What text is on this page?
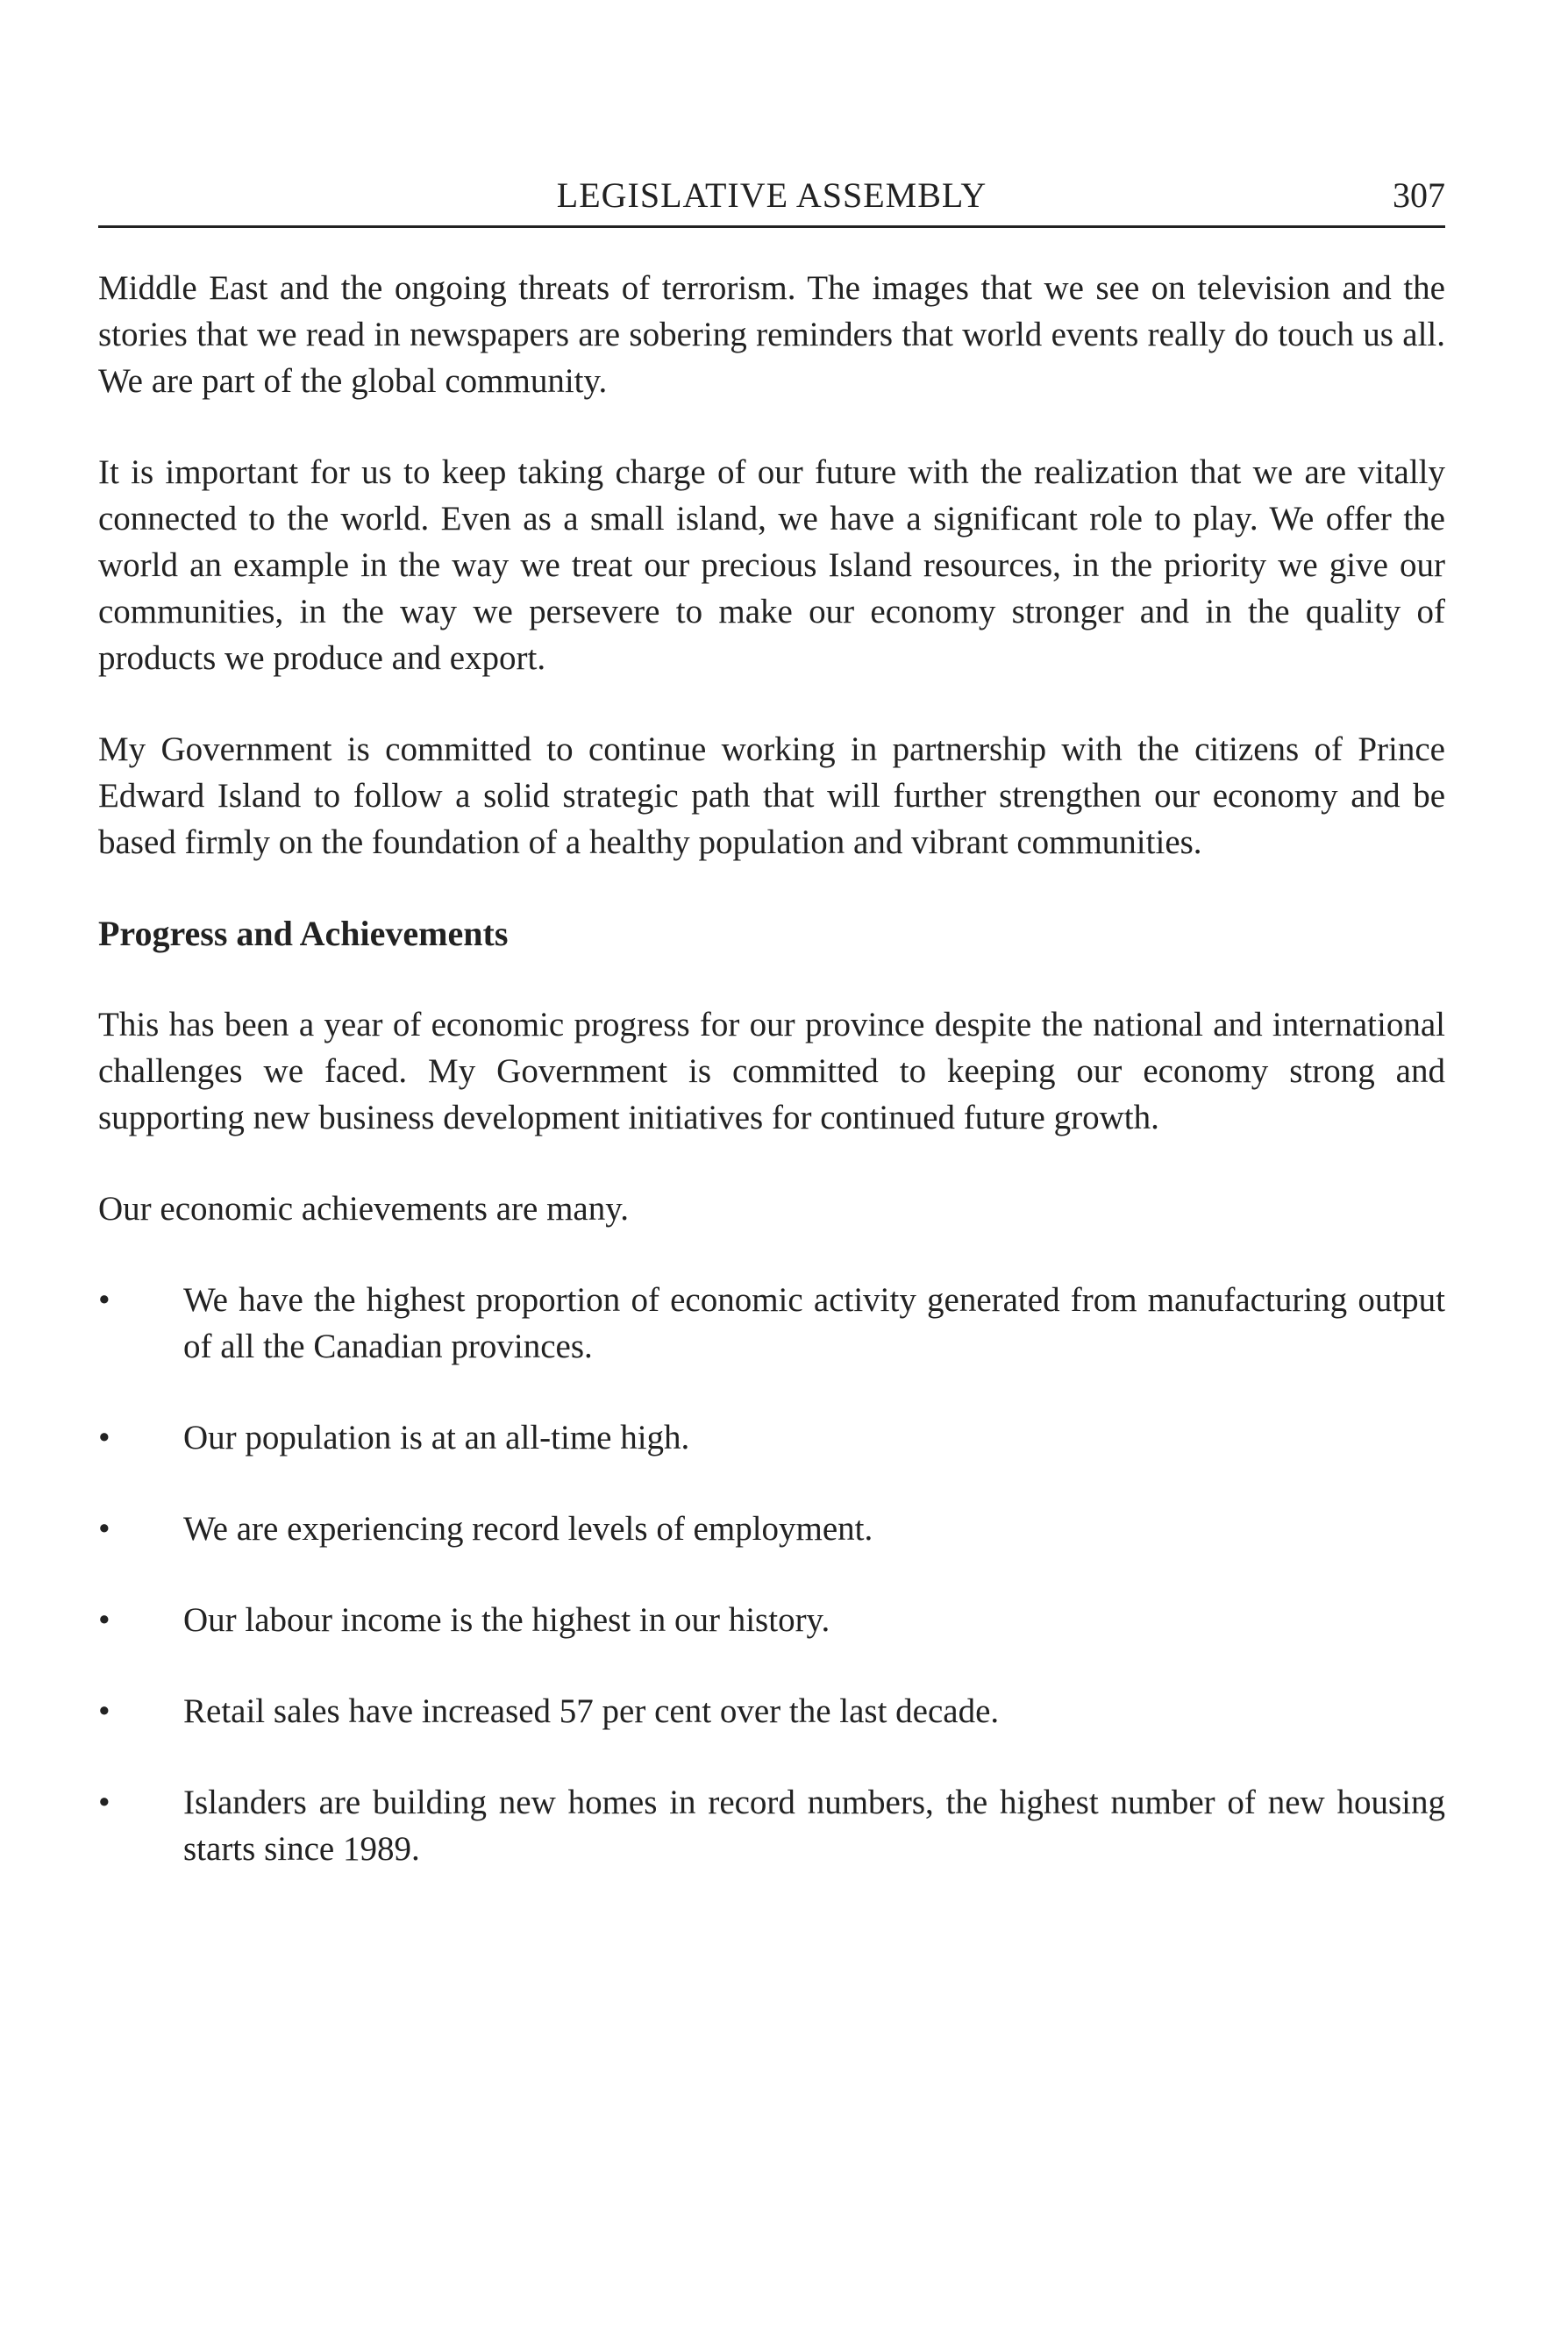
LEGISLATIVE ASSEMBLY	307

Middle East and the ongoing threats of terrorism. The images that we see on television and the stories that we read in newspapers are sobering reminders that world events really do touch us all. We are part of the global community.

It is important for us to keep taking charge of our future with the realization that we are vitally connected to the world. Even as a small island, we have a significant role to play. We offer the world an example in the way we treat our precious Island resources, in the priority we give our communities, in the way we persevere to make our economy stronger and in the quality of products we produce and export.

My Government is committed to continue working in partnership with the citizens of Prince Edward Island to follow a solid strategic path that will further strengthen our economy and be based firmly on the foundation of a healthy population and vibrant communities.

Progress and Achievements

This has been a year of economic progress for our province despite the national and international challenges we faced. My Government is committed to keeping our economy strong and supporting new business development initiatives for continued future growth.

Our economic achievements are many.

•	We have the highest proportion of economic activity generated from manufacturing output of all the Canadian provinces.
•	Our population is at an all-time high.
•	We are experiencing record levels of employment.
•	Our labour income is the highest in our history.
•	Retail sales have increased 57 per cent over the last decade.
•	Islanders are building new homes in record numbers, the highest number of new housing starts since 1989.
